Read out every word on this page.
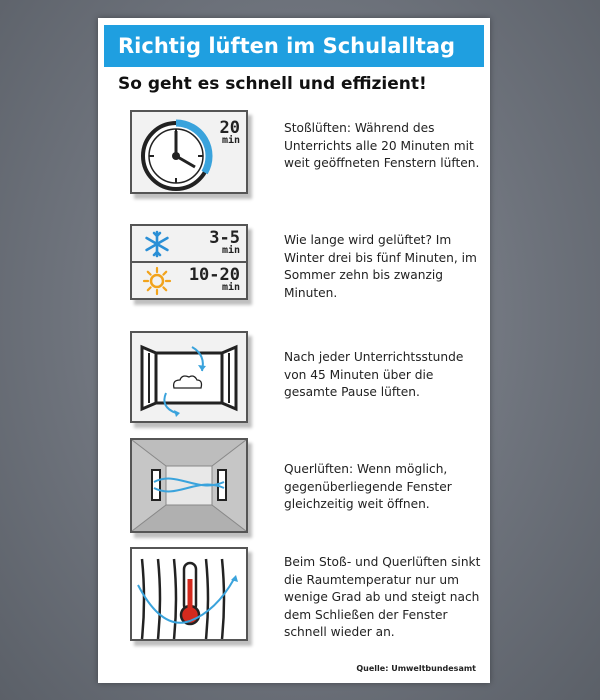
Richtig lüften im Schulalltag
So geht es schnell und effizient!
20
min
Stoßlüften: Während des Unterrichts alle 20 Minuten mit weit geöffneten Fenstern lüften.
3-5
min
10-20
min
Wie lange wird gelüftet? Im Winter drei bis fünf Minuten, im Sommer zehn bis zwanzig Minuten.
Nach jeder Unterrichtsstunde von 45 Minuten über die gesamte Pause lüften.
Querlüften: Wenn möglich, gegenüberliegende Fenster gleichzeitig weit öffnen.
Beim Stoß- und Querlüften sinkt die Raumtemperatur nur um wenige Grad ab und steigt nach dem Schließen der Fenster schnell wieder an.
Quelle: Umweltbundesamt
